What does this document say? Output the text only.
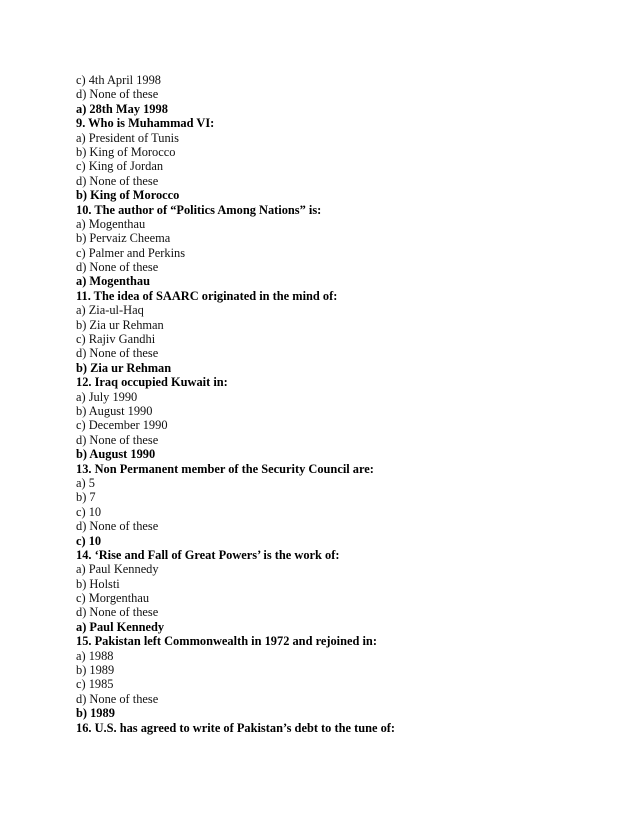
c) 4th April 1998
d) None of these
a) 28th May 1998
9. Who is Muhammad VI:
a) President of Tunis
b) King of Morocco
c) King of Jordan
d) None of these
b) King of Morocco
10. The author of “Politics Among Nations” is:
a) Mogenthau
b) Pervaiz Cheema
c) Palmer and Perkins
d) None of these
a) Mogenthau
11. The idea of SAARC originated in the mind of:
a) Zia-ul-Haq
b) Zia ur Rehman
c) Rajiv Gandhi
d) None of these
b) Zia ur Rehman
12. Iraq occupied Kuwait in:
a) July 1990
b) August 1990
c) December 1990
d) None of these
b) August 1990
13. Non Permanent member of the Security Council are:
a) 5
b) 7
c) 10
d) None of these
c) 10
14. ‘Rise and Fall of Great Powers’ is the work of:
a) Paul Kennedy
b) Holsti
c) Morgenthau
d) None of these
a) Paul Kennedy
15. Pakistan left Commonwealth in 1972 and rejoined in:
a) 1988
b) 1989
c) 1985
d) None of these
b) 1989
16. U.S. has agreed to write of Pakistan’s debt to the tune of:
